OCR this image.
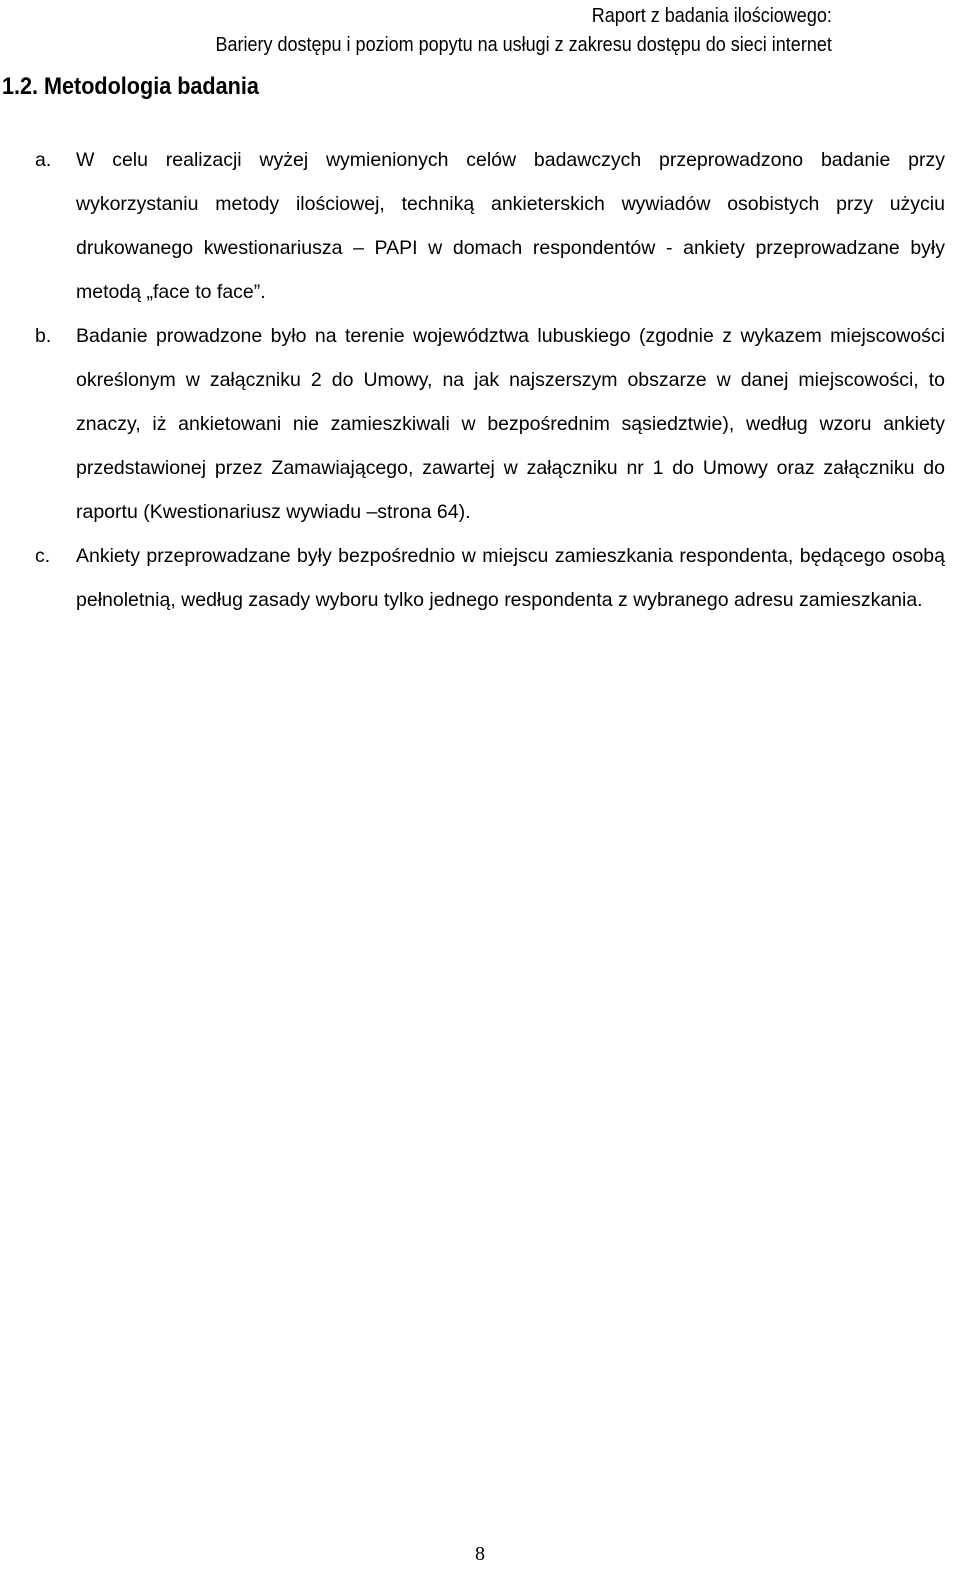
Raport z badania ilościowego:
Bariery dostępu i poziom popytu na usługi z zakresu dostępu do sieci internet
1.2. Metodologia badania
a.	W celu realizacji wyżej wymienionych celów badawczych przeprowadzono badanie przy wykorzystaniu metody ilościowej, techniką ankieterskich wywiadów osobistych przy użyciu drukowanego kwestionariusza – PAPI w domach respondentów - ankiety przeprowadzane były metodą „face to face”.
b.	Badanie prowadzone było na terenie województwa lubuskiego (zgodnie z wykazem miejscowości określonym w załączniku 2 do Umowy, na jak najszerszym obszarze w danej miejscowości, to znaczy, iż ankietowani nie zamieszkiwali w bezpośrednim sąsiedztwie), według wzoru ankiety przedstawionej przez Zamawiającego, zawartej w załączniku nr 1 do Umowy oraz załączniku do raportu (Kwestionariusz wywiadu –strona 64).
c.	Ankiety przeprowadzane były bezpośrednio w miejscu zamieszkania respondenta, będącego osobą pełnoletnią, według zasady wyboru tylko jednego respondenta z wybranego adresu zamieszkania.
8
